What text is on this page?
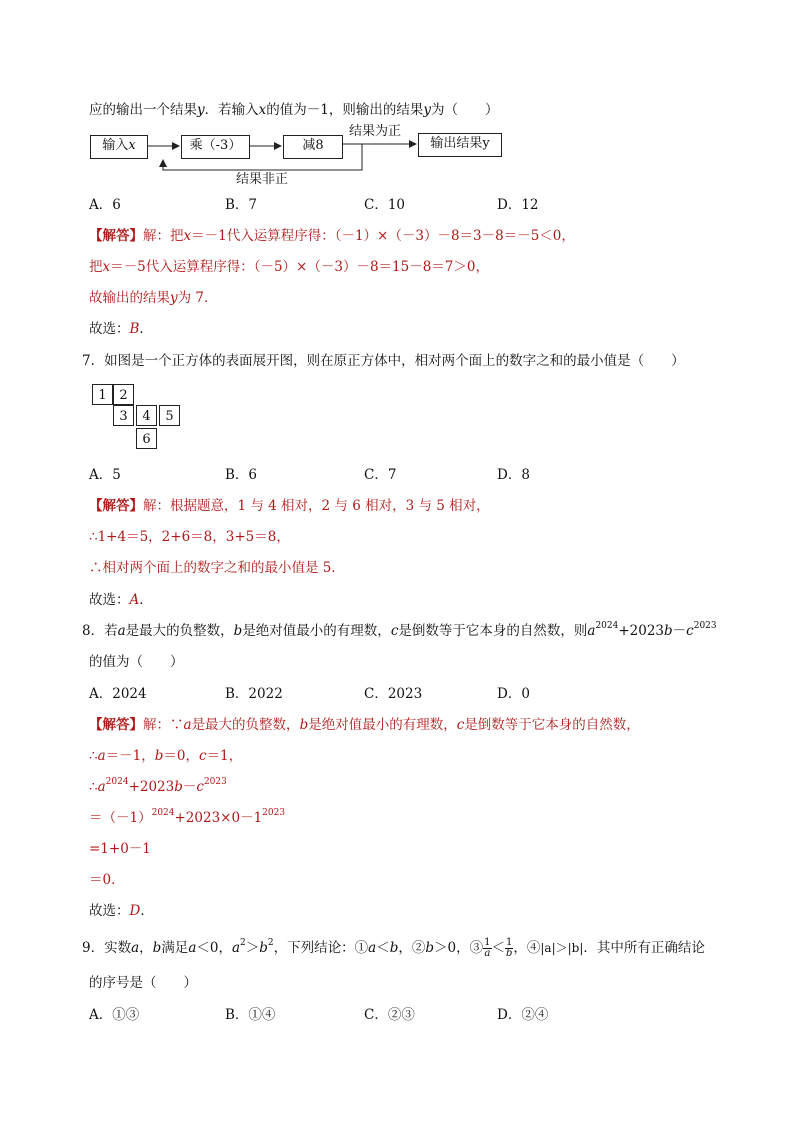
应的输出一个结果y．若输入x的值为－1，则输出的结果y为（　　）
输入x	乘（-3）	减8	输出结果y
结果为正
结果非正
A．6	B．7	C．10	D．12
【解答】解：把x＝－1代入运算程序得：（－1）×（－3）－8＝3－8＝－5＜0，
把x＝－5代入运算程序得：（－5）×（－3）－8＝15－8＝7＞0，
故输出的结果y为 7．
故选：B．
7．如图是一个正方体的表面展开图，则在原正方体中，相对两个面上的数字之和的最小值是（　　）
1 2
3	4	5
6
A．5	B．6	C．7	D．8
【解答】解：根据题意，1 与 4 相对，2 与 6 相对，3 与 5 相对，
∴1+4＝5，2+6＝8，3+5＝8，
∴相对两个面上的数字之和的最小值是 5．
故选：A．
8．若a是最大的负整数，b是绝对值最小的有理数，c是倒数等于它本身的自然数，则$a^{2024}+2023b-c^{2023}$
的值为（　　）
A．2024	B．2022	C．2023	D．0
【解答】解：∵a是最大的负整数，b是绝对值最小的有理数，c是倒数等于它本身的自然数，
∴a＝－1，b＝0，c＝1，
$\therefore a^{2024}+2023b-c^{2023}$
$=(-1)^{2024}+2023\times 0-1^{2023}$
=1+0－1
＝0．
故选：D．
9．实数a，b满足a＜0，$a^2>b^2$，下列结论：①a＜b，②b＞0，③ $\frac{1}{a} < \frac{1}{b}$ ，④|a|＞|b|．其中所有正确结论
的序号是（　　）
A．①③	B．①④	C．②③	D．②④
